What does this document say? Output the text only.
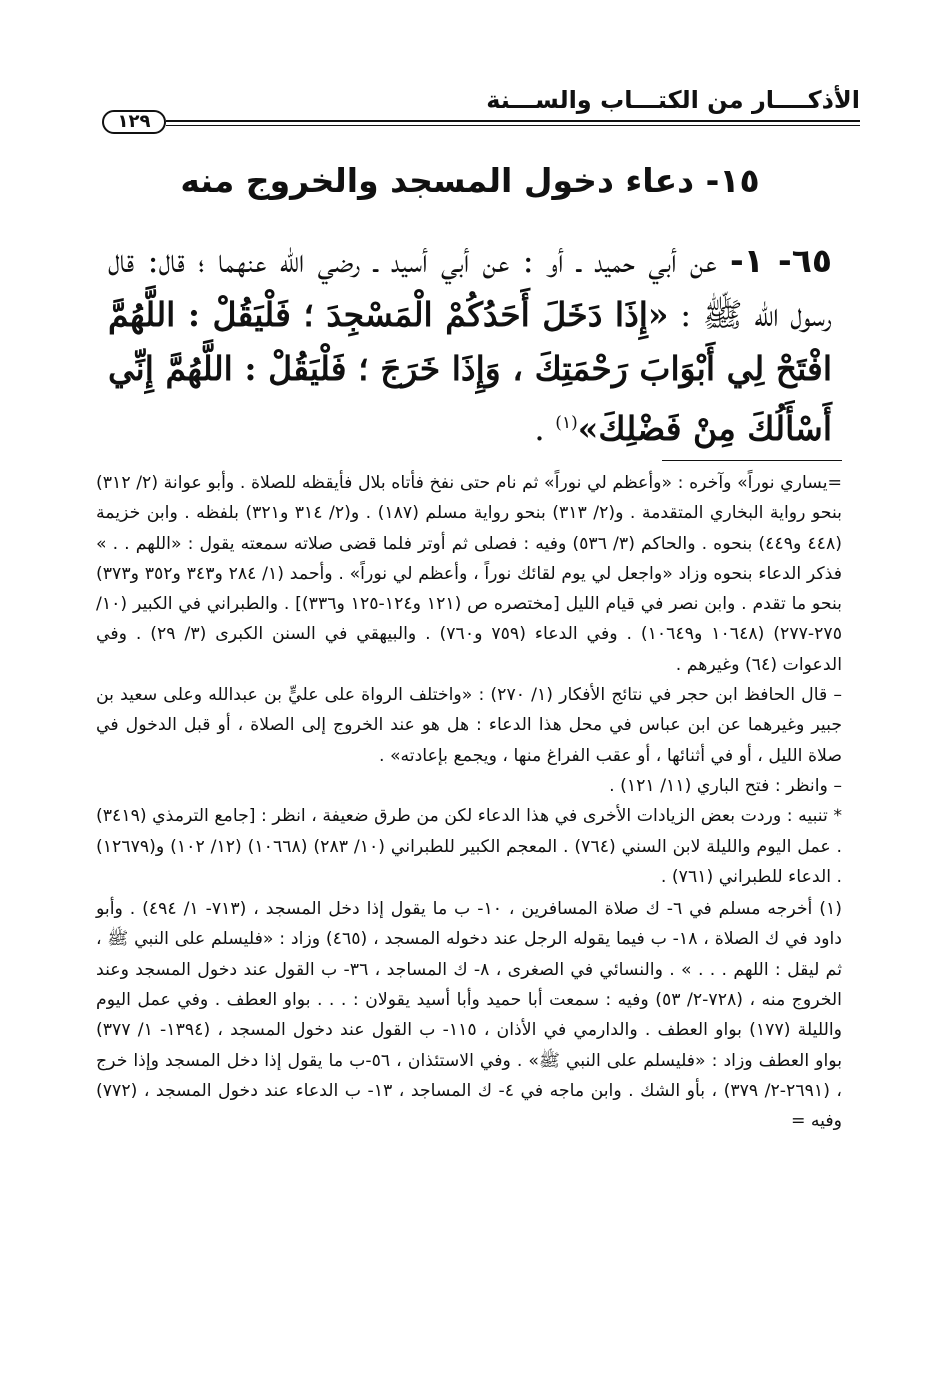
الأذكــــار من الكتـــاب والســـنة
١٢٩
١٥- دعاء دخول المسجد والخروج منه
٦٥- ١- عن أبي حميد ـ أو : عن أبي أسيد ـ رضي الله عنهما ؛ قال: قال رسول الله ﷺ : «إِذَا دَخَلَ أَحَدُكُمْ الْمَسْجِدَ ؛ فَلْيَقُلْ : اللَّهُمَّ افْتَحْ لِي أَبْوَابَ رَحْمَتِكَ ، وَإِذَا خَرَجَ ؛ فَلْيَقُلْ : اللَّهُمَّ إِنِّي أَسْأَلُكَ مِنْ فَضْلِكَ»$^{(١)}$ .

=يساري نوراً» وآخره : «وأعظم لي نوراً» ثم نام حتى نفخ فأتاه بلال فأيقظه للصلاة . وأبو عوانة (٢/ ٣١٢) بنحو رواية البخاري المتقدمة . و(٢/ ٣١٣) بنحو رواية مسلم (١٨٧) . و(٢/ ٣١٤ و٣٢١) بلفظه . وابن خزيمة (٤٤٨ و٤٤٩) بنحوه . والحاكم (٣/ ٥٣٦) وفيه : فصلى ثم أوتر فلما قضى صلاته سمعته يقول : «اللهم . . » فذكر الدعاء بنحوه وزاد «واجعل لي يوم لقائك نوراً ، وأعظم لي نوراً» . وأحمد (١/ ٢٨٤ و٣٤٣ و٣٥٢ و٣٧٣) بنحو ما تقدم . وابن نصر في قيام الليل [مختصره ص (١٢١ و١٢٤-١٢٥ و٣٣٦)] . والطبراني في الكبير (١٠/ ٢٧٥-٢٧٧) (١٠٦٤٨ و١٠٦٤٩) . وفي الدعاء (٧٥٩ و٧٦٠) . والبيهقي في السنن الكبرى (٣/ ٢٩) . وفي الدعوات (٦٤) وغيرهم .

– قال الحافظ ابن حجر في نتائج الأفكار (١/ ٢٧٠) : «واختلف الرواة على عليٍّ بن عبدالله وعلى سعيد بن جبير وغيرهما عن ابن عباس في محل هذا الدعاء : هل هو عند الخروج إلى الصلاة ، أو قبل الدخول في صلاة الليل ، أو في أثنائها ، أو عقب الفراغ منها ، ويجمع بإعادته» .

– وانظر : فتح الباري (١١/ ١٢١) .

* تنبيه : وردت بعض الزيادات الأخرى في هذا الدعاء لكن من طرق ضعيفة ، انظر : [جامع الترمذي (٣٤١٩) . عمل اليوم والليلة لابن السني (٧٦٤) . المعجم الكبير للطبراني (١٠/ ٢٨٣) (١٠٦٦٨) (١٢/ ١٠٢) و(١٢٦٧٩) . الدعاء للطبراني (٧٦١) .

(١) أخرجه مسلم في ٦- ك صلاة المسافرين ، ١٠- ب ما يقول إذا دخل المسجد ، (٧١٣- ١/ ٤٩٤) . وأبو داود في ك الصلاة ، ١٨- ب فيما يقوله الرجل عند دخوله المسجد ، (٤٦٥) وزاد : «فليسلم على النبي ﷺ ، ثم ليقل : اللهم . . . » . والنسائي في الصغرى ، ٨- ك المساجد ، ٣٦- ب القول عند دخول المسجد وعند الخروج منه ، (٧٢٨-٢/ ٥٣) وفيه : سمعت أبا حميد وأبا أسيد يقولان : . . . بواو العطف . وفي عمل اليوم والليلة (١٧٧) بواو العطف . والدارمي في الأذان ، ١١٥- ب القول عند دخول المسجد ، (١٣٩٤- ١/ ٣٧٧) بواو العطف وزاد : «فليسلم على النبي ﷺ» . وفي الاستئذان ، ٥٦-ب ما يقول إذا دخل المسجد وإذا خرج ، (٢٦٩١-٢/ ٣٧٩) ، بأو الشك . وابن ماجه في ٤- ك المساجد ، ١٣- ب الدعاء عند دخول المسجد ، (٧٧٢) وفيه =
